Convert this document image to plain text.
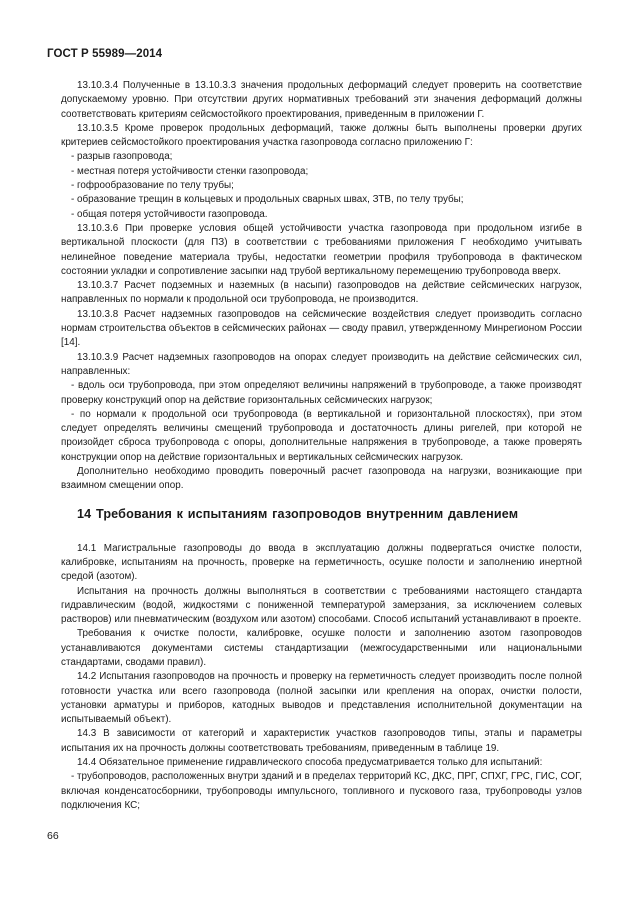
ГОСТ Р 55989—2014

13.10.3.4 Полученные в 13.10.3.3 значения продольных деформаций следует проверить на соответствие допускаемому уровню. При отсутствии других нормативных требований эти значения деформаций должны соответствовать критериям сейсмостойкого проектирования, приведенным в приложении Г.

13.10.3.5 Кроме проверок продольных деформаций, также должны быть выполнены проверки других критериев сейсмостойкого проектирования участка газопровода согласно приложению Г:

- разрыв газопровода;

- местная потеря устойчивости стенки газопровода;

- гофрообразование по телу трубы;

- образование трещин в кольцевых и продольных сварных швах, ЗТВ, по телу трубы;

- общая потеря устойчивости газопровода.

13.10.3.6 При проверке условия общей устойчивости участка газопровода при продольном изгибе в вертикальной плоскости (для ПЗ) в соответствии с требованиями приложения Г необходимо учитывать нелинейное поведение материала трубы, недостатки геометрии профиля трубопровода в фактическом состоянии укладки и сопротивление засыпки над трубой вертикальному перемещению трубопровода вверх.

13.10.3.7 Расчет подземных и наземных (в насыпи) газопроводов на действие сейсмических нагрузок, направленных по нормали к продольной оси трубопровода, не производится.

13.10.3.8 Расчет надземных газопроводов на сейсмические воздействия следует производить согласно нормам строительства объектов в сейсмических районах — своду правил, утвержденному Минрегионом России [14].

13.10.3.9 Расчет надземных газопроводов на опорах следует производить на действие сейсмических сил, направленных:

- вдоль оси трубопровода, при этом определяют величины напряжений в трубопроводе, а также производят проверку конструкций опор на действие горизонтальных сейсмических нагрузок;

- по нормали к продольной оси трубопровода (в вертикальной и горизонтальной плоскостях), при этом следует определять величины смещений трубопровода и достаточность длины ригелей, при которой не произойдет сброса трубопровода с опоры, дополнительные напряжения в трубопроводе, а также проверять конструкции опор на действие горизонтальных и вертикальных сейсмических нагрузок.

Дополнительно необходимо проводить поверочный расчет газопровода на нагрузки, возникающие при взаимном смещении опор.

14 Требования к испытаниям газопроводов внутренним давлением

14.1 Магистральные газопроводы до ввода в эксплуатацию должны подвергаться очистке полости, калибровке, испытаниям на прочность, проверке на герметичность, осушке полости и заполнению инертной средой (азотом).

Испытания на прочность должны выполняться в соответствии с требованиями настоящего стандарта гидравлическим (водой, жидкостями с пониженной температурой замерзания, за исключением солевых растворов) или пневматическим (воздухом или азотом) способами. Способ испытаний устанавливают в проекте.

Требования к очистке полости, калибровке, осушке полости и заполнению азотом газопроводов устанавливаются документами системы стандартизации (межгосударственными или национальными стандартами, сводами правил).

14.2 Испытания газопроводов на прочность и проверку на герметичность следует производить после полной готовности участка или всего газопровода (полной засыпки или крепления на опорах, очистки полости, установки арматуры и приборов, катодных выводов и представления исполнительной документации на испытываемый объект).

14.3 В зависимости от категорий и характеристик участков газопроводов типы, этапы и параметры испытания их на прочность должны соответствовать требованиям, приведенным в таблице 19.

14.4 Обязательное применение гидравлического способа предусматривается только для испытаний:

- трубопроводов, расположенных внутри зданий и в пределах территорий КС, ДКС, ПРГ, СПХГ, ГРС, ГИС, СОГ, включая конденсатосборники, трубопроводы импульсного, топливного и пускового газа, трубопроводы узлов подключения КС;

66
